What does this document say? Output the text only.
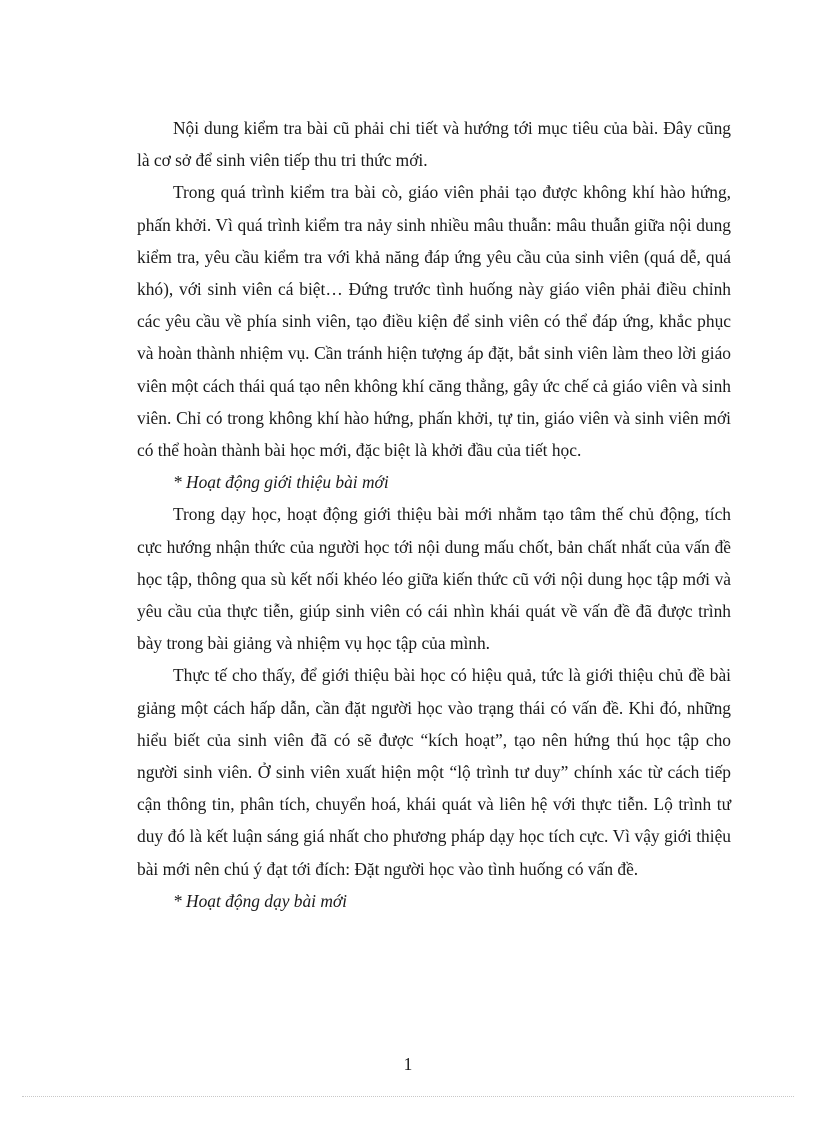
Nội dung kiểm tra bài cũ phải chi tiết và hướng tới mục tiêu của bài. Đây cũng là cơ sở để sinh viên tiếp thu tri thức mới.

Trong quá trình kiểm tra bài cò, giáo viên phải tạo được không khí hào hứng, phấn khởi. Vì quá trình kiểm tra nảy sinh nhiều mâu thuẫn: mâu thuẫn giữa nội dung kiểm tra, yêu cầu kiểm tra với khả năng đáp ứng yêu cầu của sinh viên (quá dễ, quá khó), với sinh viên cá biệt… Đứng trước tình huống này giáo viên phải điều chỉnh các yêu cầu về phía sinh viên, tạo điều kiện để sinh viên có thể đáp ứng, khắc phục và hoàn thành nhiệm vụ. Cần tránh hiện tượng áp đặt, bắt sinh viên làm theo lời giáo viên một cách thái quá tạo nên không khí căng thẳng, gây ức chế cả giáo viên và sinh viên. Chỉ có trong không khí hào hứng, phấn khởi, tự tin, giáo viên và sinh viên mới có thể hoàn thành bài học mới, đặc biệt là khởi đầu của tiết học.

* Hoạt động giới thiệu bài mới

Trong dạy học, hoạt động giới thiệu bài mới nhằm tạo tâm thế chủ động, tích cực hướng nhận thức của người học tới nội dung mấu chốt, bản chất nhất của vấn đề học tập, thông qua sù kết nối khéo léo giữa kiến thức cũ với nội dung học tập mới và yêu cầu của thực tiễn, giúp sinh viên có cái nhìn khái quát về vấn đề đã được trình bày trong bài giảng và nhiệm vụ học tập của mình.

Thực tế cho thấy, để giới thiệu bài học có hiệu quả, tức là giới thiệu chủ đề bài giảng một cách hấp dẫn, cần đặt người học vào trạng thái có vấn đề. Khi đó, những hiểu biết của sinh viên đã có sẽ được “kích hoạt”, tạo nên hứng thú học tập cho người sinh viên. Ở sinh viên xuất hiện một “lộ trình tư duy” chính xác từ cách tiếp cận thông tin, phân tích, chuyển hoá, khái quát và liên hệ với thực tiễn. Lộ trình tư duy đó là kết luận sáng giá nhất cho phương pháp dạy học tích cực. Vì vậy giới thiệu bài mới nên chú ý đạt tới đích: Đặt người học vào tình huống có vấn đề.

* Hoạt động dạy bài mới

1
